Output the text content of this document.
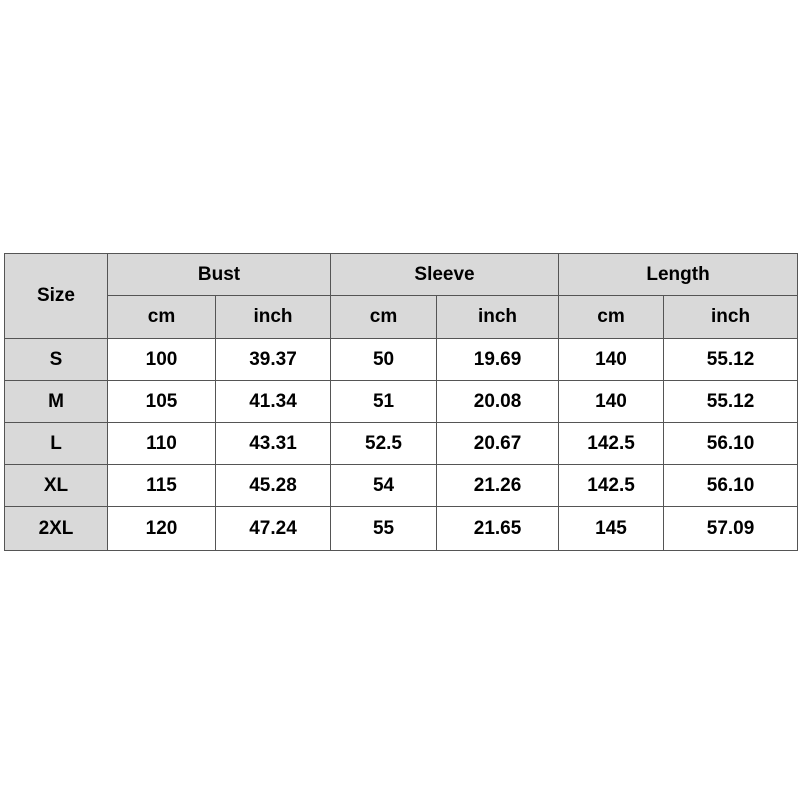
Size	Bust		Sleeve		Length	
	cm	inch	cm	inch	cm	inch
S	100	39.37	50	19.69	140	55.12
M	105	41.34	51	20.08	140	55.12
L	110	43.31	52.5	20.67	142.5	56.10
XL	115	45.28	54	21.26	142.5	56.10
2XL	120	47.24	55	21.65	145	57.09
